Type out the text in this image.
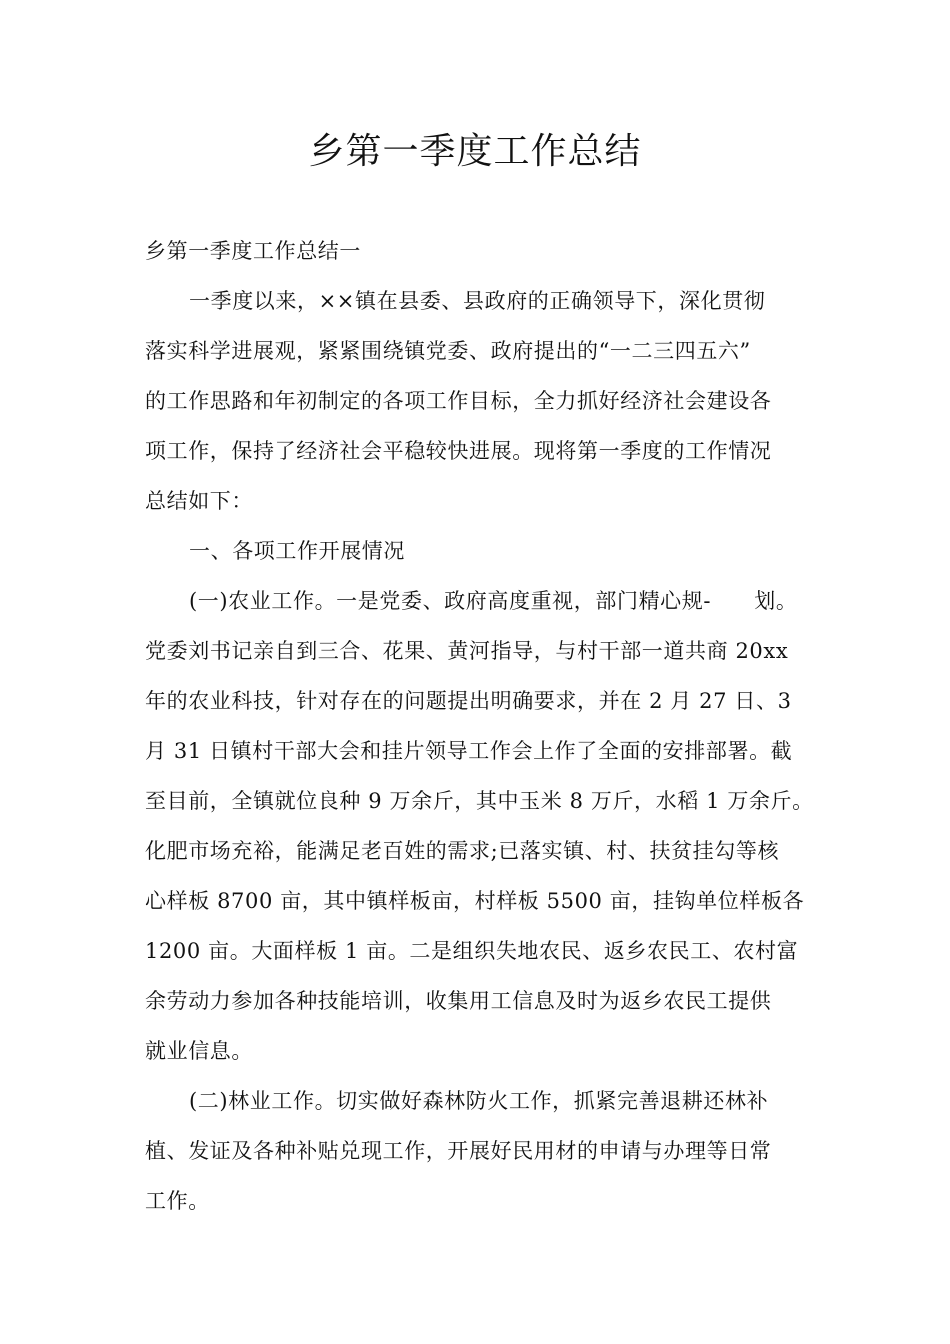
乡第一季度工作总结
乡第一季度工作总结一
一季度以来，××镇在县委、县政府的正确领导下，深化贯彻
落实科学进展观，紧紧围绕镇党委、政府提出的“一二三四五六”
的工作思路和年初制定的各项工作目标，全力抓好经济社会建设各
项工作，保持了经济社会平稳较快进展。现将第一季度的工作情况
总结如下：
一、各项工作开展情况
(一)农业工作。一是党委、政府高度重视，部门精心规-　　划。
党委刘书记亲自到三合、花果、黄河指导，与村干部一道共商 20xx
年的农业科技，针对存在的问题提出明确要求，并在 2 月 27 日、3
月 31 日镇村干部大会和挂片领导工作会上作了全面的安排部署。截
至目前，全镇就位良种 9 万余斤，其中玉米 8 万斤，水稻 1 万余斤。
化肥市场充裕，能满足老百姓的需求;已落实镇、村、扶贫挂勾等核
心样板 8700 亩，其中镇样板亩，村样板 5500 亩，挂钩单位样板各
1200 亩。大面样板 1 亩。二是组织失地农民、返乡农民工、农村富
余劳动力参加各种技能培训，收集用工信息及时为返乡农民工提供
就业信息。
(二)林业工作。切实做好森林防火工作，抓紧完善退耕还林补
植、发证及各种补贴兑现工作，开展好民用材的申请与办理等日常
工作。
